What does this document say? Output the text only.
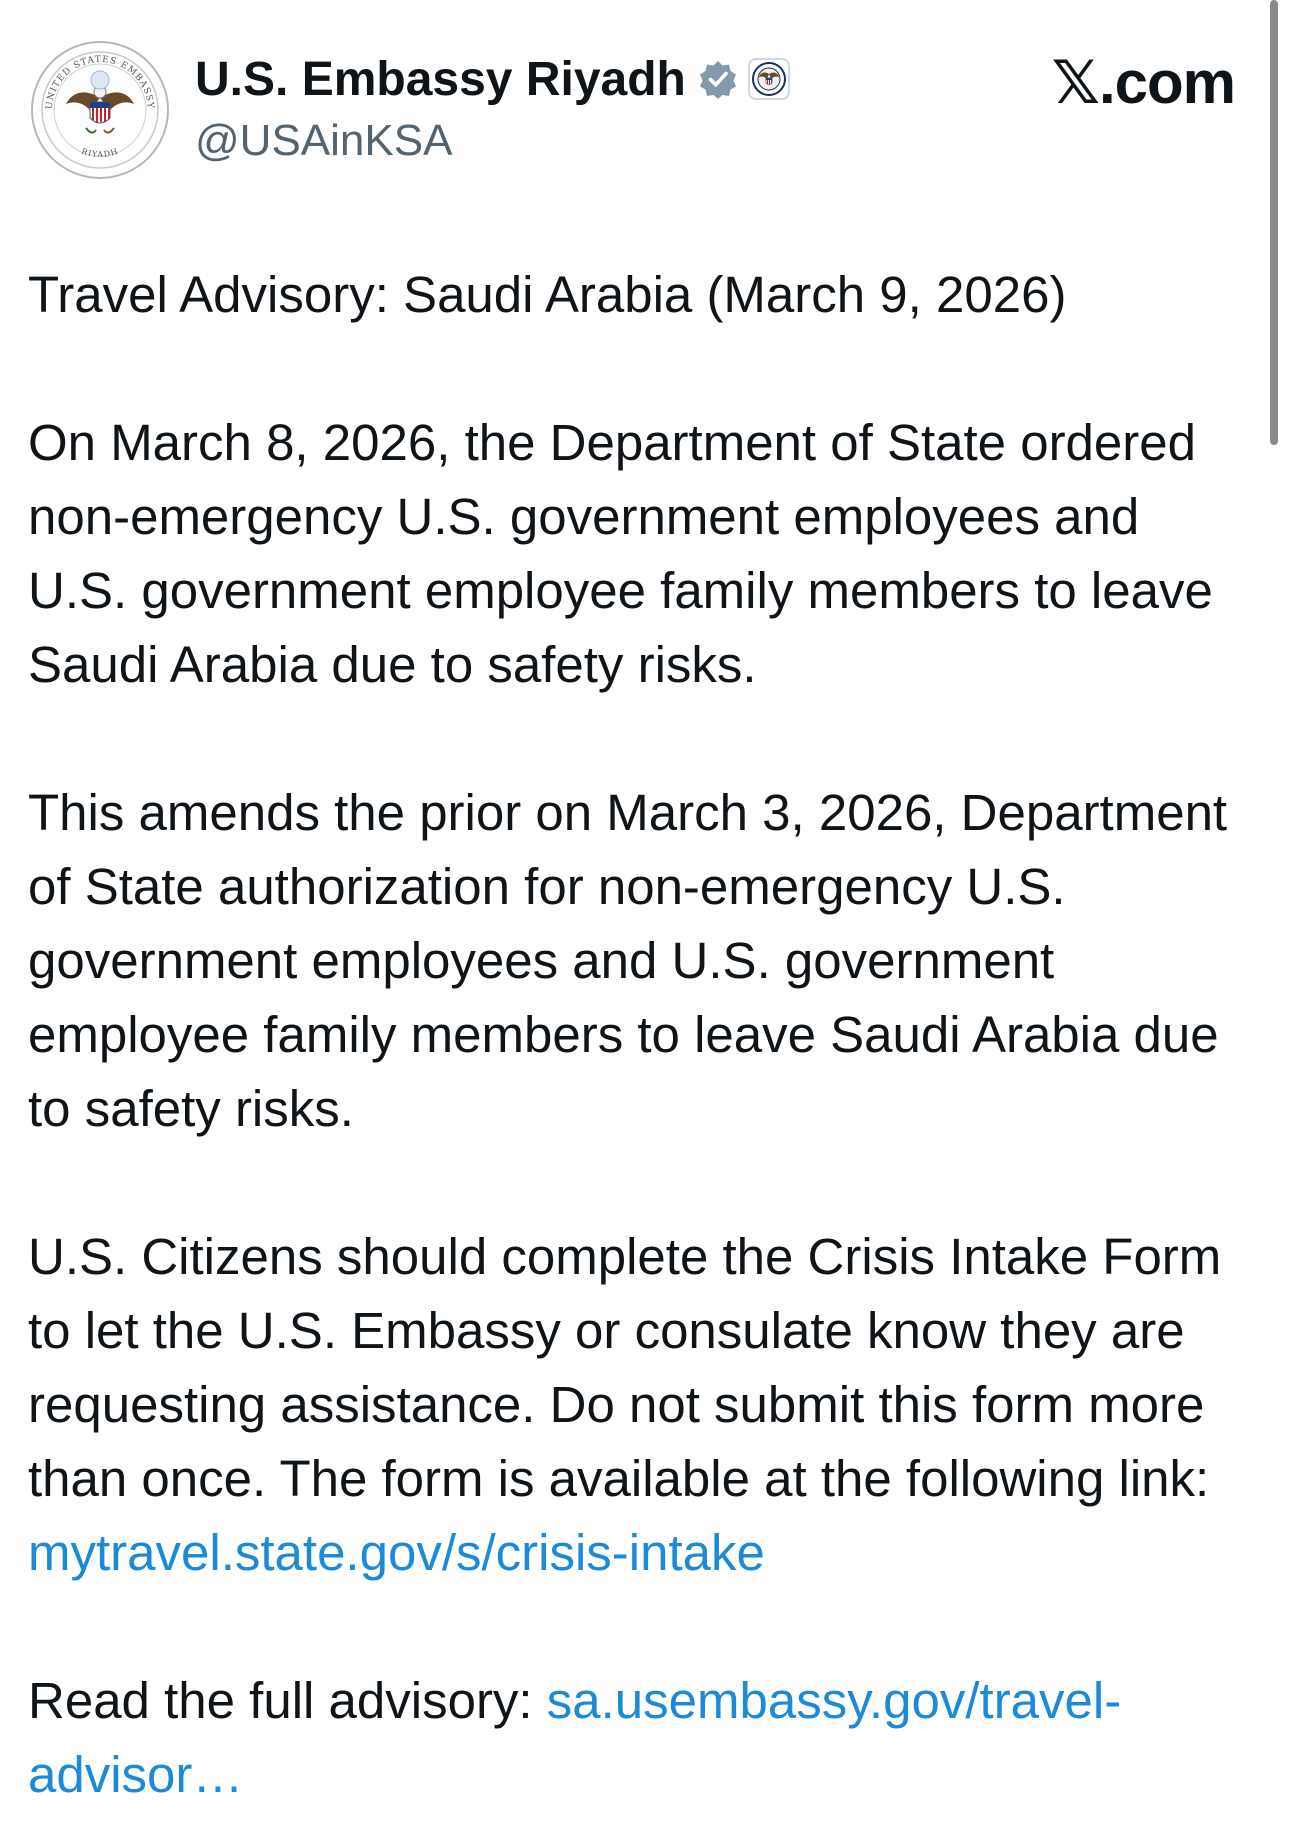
UNITED STATES EMBASSY
RIYADH
U.S. Embassy Riyadh
@USAinKSA
𝕏.com

Travel Advisory: Saudi Arabia (March 9, 2026)

On March 8, 2026, the Department of State ordered non-emergency U.S. government employees and U.S. government employee family members to leave Saudi Arabia due to safety risks.

This amends the prior on March 3, 2026, Department of State authorization for non-emergency U.S. government employees and U.S. government employee family members to leave Saudi Arabia due to safety risks.

U.S. Citizens should complete the Crisis Intake Form to let the U.S. Embassy or consulate know they are requesting assistance. Do not submit this form more than once. The form is available at the following link: mytravel.state.gov/s/crisis-intake

Read the full advisory: sa.usembassy.gov/travel-advisor…
